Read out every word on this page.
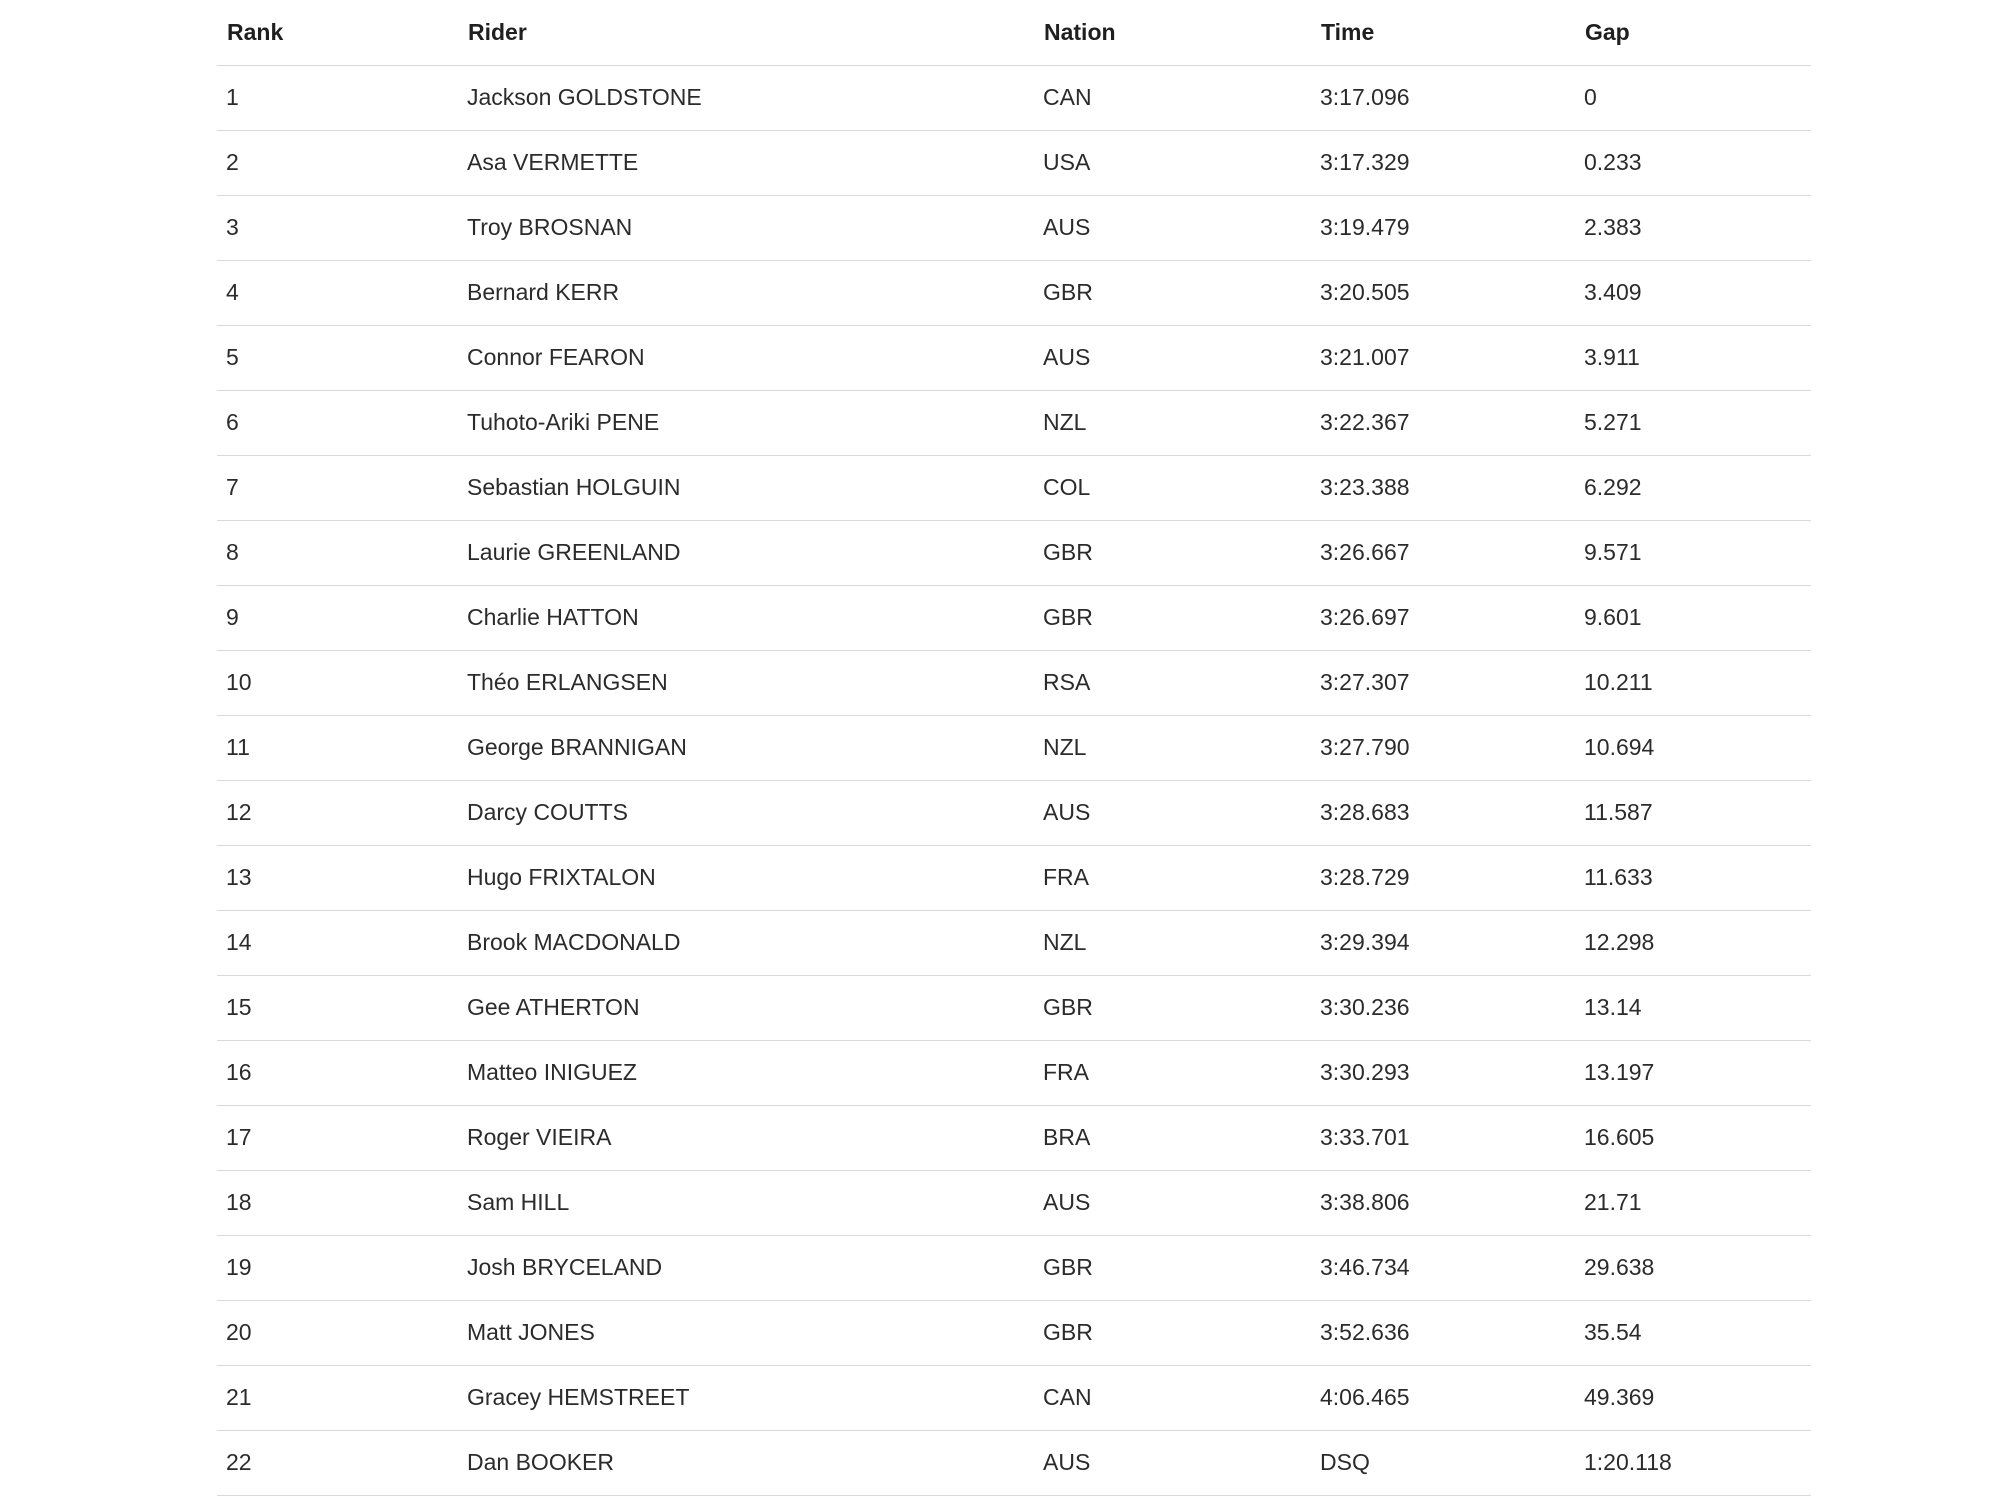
Rank	Rider	Nation	Time	Gap
1	Jackson GOLDSTONE	CAN	3:17.096	0
2	Asa VERMETTE	USA	3:17.329	0.233
3	Troy BROSNAN	AUS	3:19.479	2.383
4	Bernard KERR	GBR	3:20.505	3.409
5	Connor FEARON	AUS	3:21.007	3.911
6	Tuhoto-Ariki PENE	NZL	3:22.367	5.271
7	Sebastian HOLGUIN	COL	3:23.388	6.292
8	Laurie GREENLAND	GBR	3:26.667	9.571
9	Charlie HATTON	GBR	3:26.697	9.601
10	Théo ERLANGSEN	RSA	3:27.307	10.211
11	George BRANNIGAN	NZL	3:27.790	10.694
12	Darcy COUTTS	AUS	3:28.683	11.587
13	Hugo FRIXTALON	FRA	3:28.729	11.633
14	Brook MACDONALD	NZL	3:29.394	12.298
15	Gee ATHERTON	GBR	3:30.236	13.14
16	Matteo INIGUEZ	FRA	3:30.293	13.197
17	Roger VIEIRA	BRA	3:33.701	16.605
18	Sam HILL	AUS	3:38.806	21.71
19	Josh BRYCELAND	GBR	3:46.734	29.638
20	Matt JONES	GBR	3:52.636	35.54
21	Gracey HEMSTREET	CAN	4:06.465	49.369
22	Dan BOOKER	AUS	DSQ	1:20.118
